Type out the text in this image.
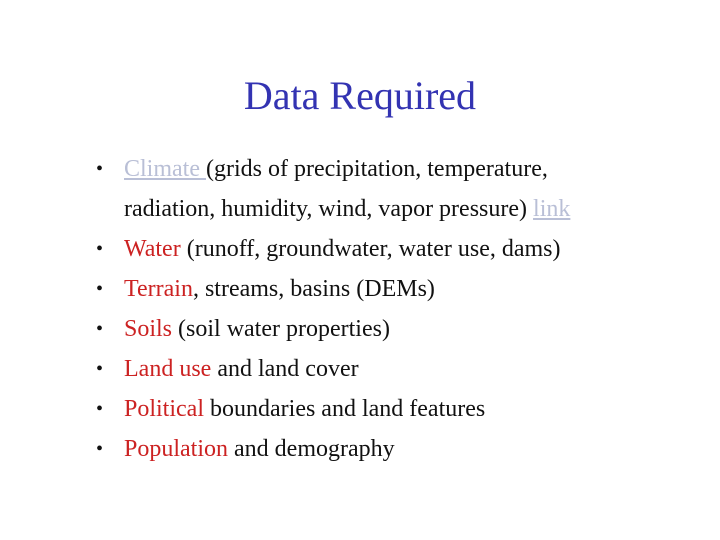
Data Required
• Climate (grids of precipitation, temperature,
radiation, humidity, wind, vapor pressure) link
• Water (runoff, groundwater, water use, dams)
• Terrain, streams, basins (DEMs)
• Soils (soil water properties)
• Land use and land cover
• Political boundaries and land features
• Population and demography
